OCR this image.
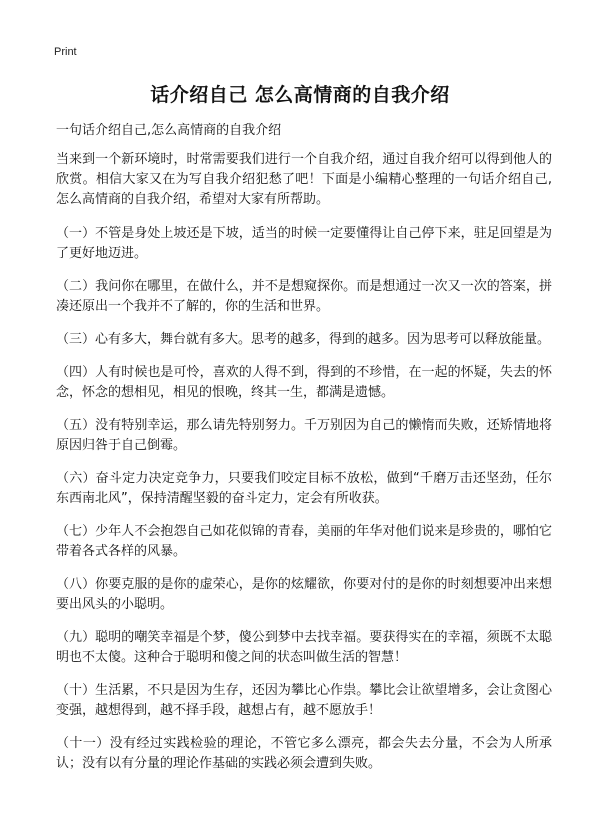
Print
话介绍自己 怎么高情商的自我介绍
一句话介绍自己,怎么高情商的自我介绍

当来到一个新环境时，时常需要我们进行一个自我介绍，通过自我介绍可以得到他人的欣赏。相信大家又在为写自我介绍犯愁了吧！下面是小编精心整理的一句话介绍自己,怎么高情商的自我介绍，希望对大家有所帮助。

（一）不管是身处上坡还是下坡，适当的时候一定要懂得让自己停下来，驻足回望是为了更好地迈进。

（二）我问你在哪里，在做什么，并不是想窥探你。而是想通过一次又一次的答案，拼凑还原出一个我并不了解的，你的生活和世界。

（三）心有多大，舞台就有多大。思考的越多，得到的越多。因为思考可以释放能量。

（四）人有时候也是可怜，喜欢的人得不到，得到的不珍惜，在一起的怀疑，失去的怀念，怀念的想相见，相见的恨晚，终其一生，都满是遗憾。

（五）没有特别幸运，那么请先特别努力。千万别因为自己的懒惰而失败，还矫情地将原因归咎于自己倒霉。

（六）奋斗定力决定竞争力，只要我们咬定目标不放松，做到“千磨万击还坚劲，任尔东西南北风”，保持清醒坚毅的奋斗定力，定会有所收获。

（七）少年人不会抱怨自己如花似锦的青春，美丽的年华对他们说来是珍贵的，哪怕它带着各式各样的风暴。

（八）你要克服的是你的虚荣心，是你的炫耀欲，你要对付的是你的时刻想要冲出来想要出风头的小聪明。

（九）聪明的嘲笑幸福是个梦，傻公到梦中去找幸福。要获得实在的幸福，须既不太聪明也不太傻。这种合于聪明和傻之间的状态叫做生活的智慧！

（十）生活累，不只是因为生存，还因为攀比心作祟。攀比会让欲望增多，会让贪图心变强，越想得到，越不择手段，越想占有，越不愿放手！

（十一）没有经过实践检验的理论，不管它多么漂亮，都会失去分量，不会为人所承认；没有以有分量的理论作基础的实践必须会遭到失败。
